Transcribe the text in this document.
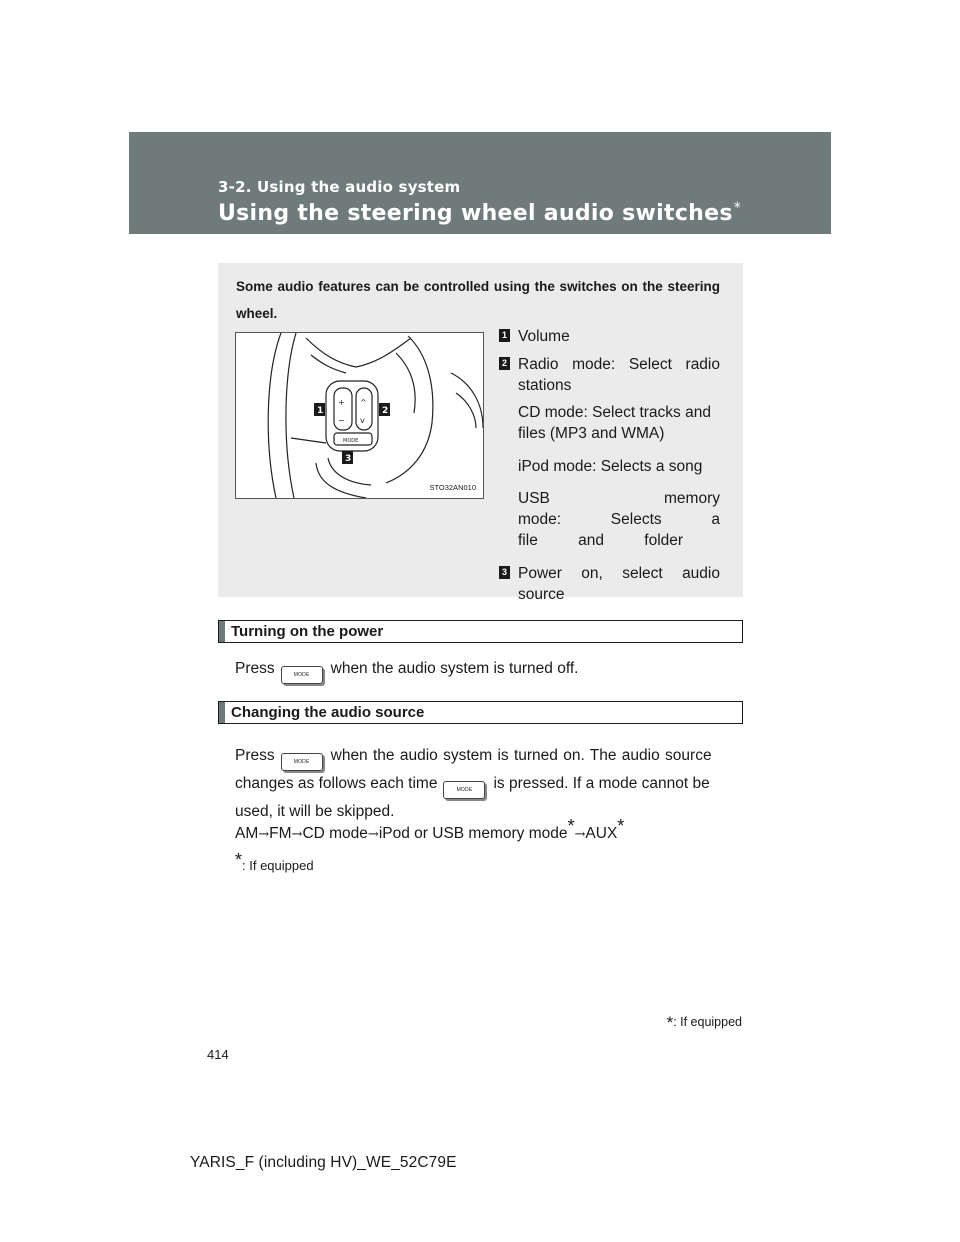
3-2. Using the audio system
Using the steering wheel audio switches*
Some audio features can be controlled using the switches on the steering wheel.
+
−
^
v
MODE
1	2
3
STO32AN010
1 Volume
2 Radio mode: Select radio stations
CD mode: Select tracks and files (MP3 and WMA)
iPod mode: Selects a song
USB memory mode: Selects a file and folder
3 Power on, select audio source
Turning on the power
Press	MODE when the audio system is turned off.
Changing the audio source
Press	MODE when the audio system is turned on. The audio source
changes as follows each time	MODE is pressed. If a mode cannot be
used, it will be skipped.
AM→FM→CD mode→iPod or USB memory mode*→AUX*
*: If equipped
*: If equipped
414
YARIS_F (including HV)_WE_52C79E
